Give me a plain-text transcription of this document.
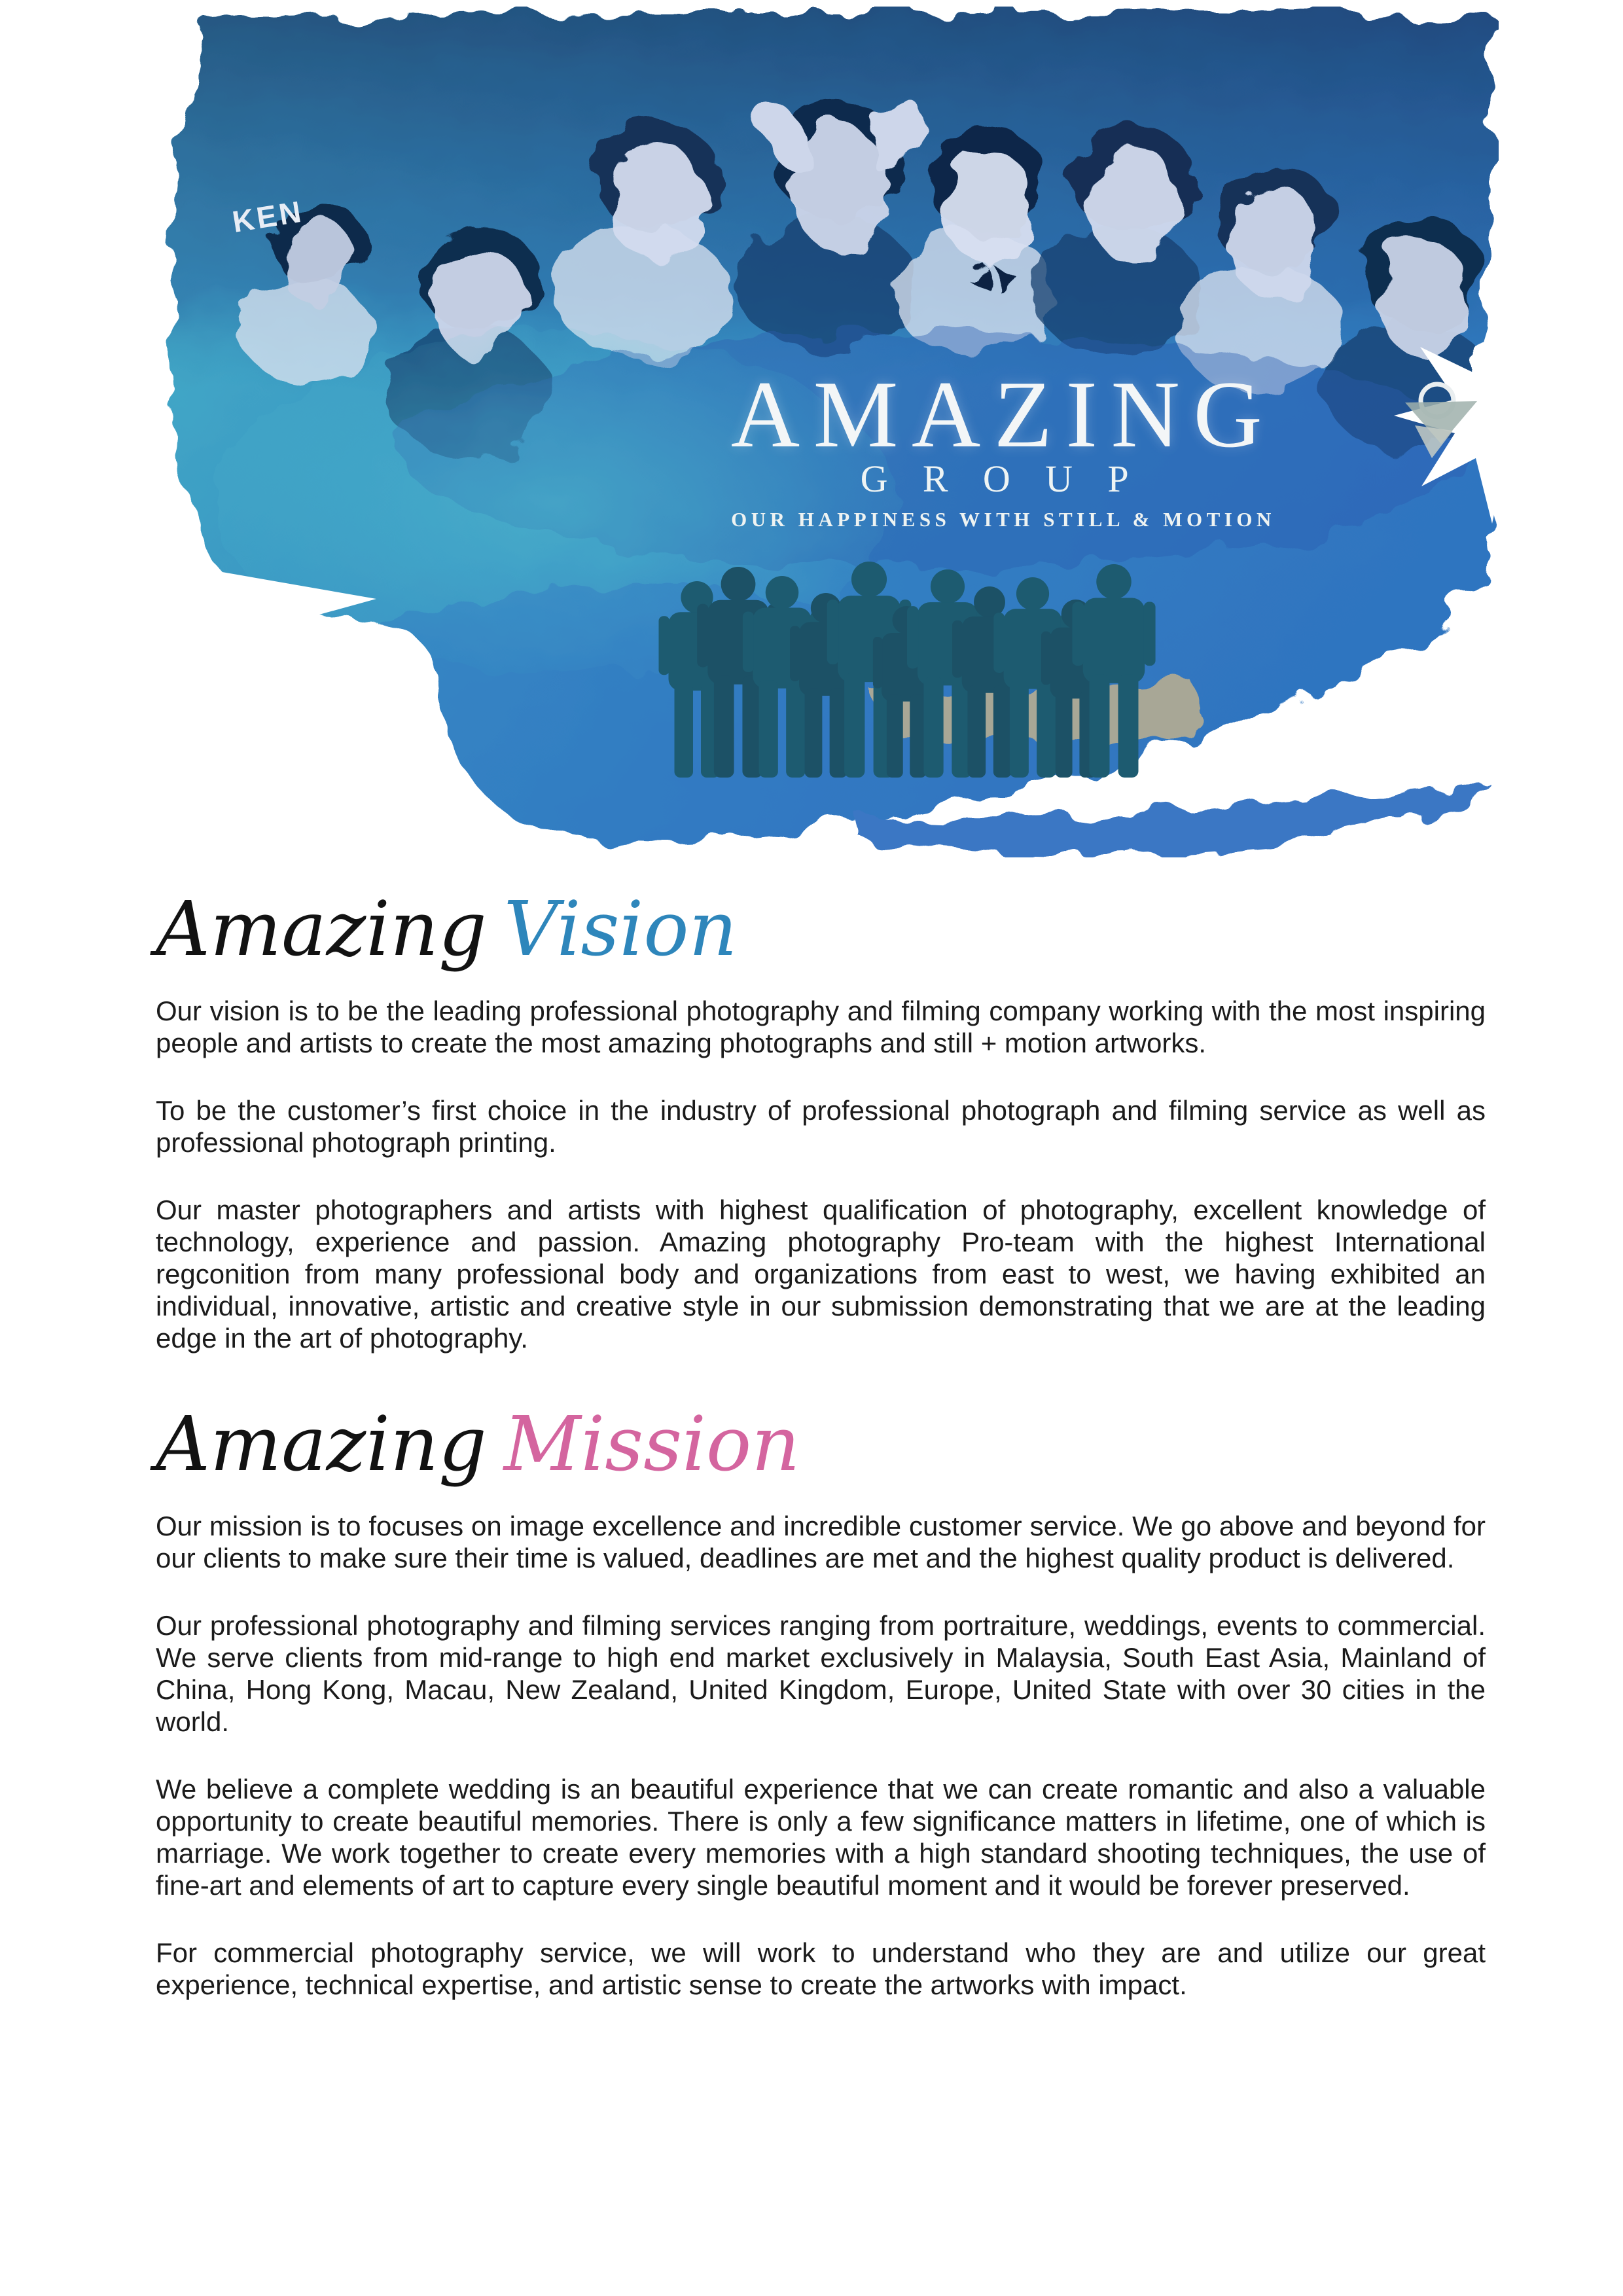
KEN
AMAZING
GROUP
OUR HAPPINESS WITH STILL & MOTION
Amazing Vision

Our vision is to be the leading professional photography and filming company working with the most inspiring people and artists to create the most amazing photographs and still + motion artworks.

To be the customer’s first choice in the industry of professional photograph and filming service as well as professional photograph printing.

Our master photographers and artists with highest qualification of photography, excellent knowledge of technology, experience and passion. Amazing photography Pro-team with the highest International regconition from many professional body and organizations from east to west, we having exhibited an individual, innovative, artistic and creative style in our submission demonstrating that we are at the leading edge in the art of photography.

Amazing Mission

Our mission is to focuses on image excellence and incredible customer service. We go above and beyond for our clients to make sure their time is valued, deadlines are met and the highest quality product is delivered.

Our professional photography and filming services ranging from portraiture, weddings, events to commercial. We serve clients from mid-range to high end market exclusively in Malaysia, South East Asia, Mainland of China, Hong Kong, Macau, New Zealand, United Kingdom, Europe, United State with over 30 cities in the world.

We believe a complete wedding is an beautiful experience that we can create romantic and also a valuable opportunity to create beautiful memories. There is only a few significance matters in lifetime, one of which is marriage. We work together to create every memories with a high standard shooting techniques, the use of fine-art and elements of art to capture every single beautiful moment and it would be forever preserved.

For commercial photography service, we will work to understand who they are and utilize our great experience, technical expertise, and artistic sense to create the artworks with impact.
